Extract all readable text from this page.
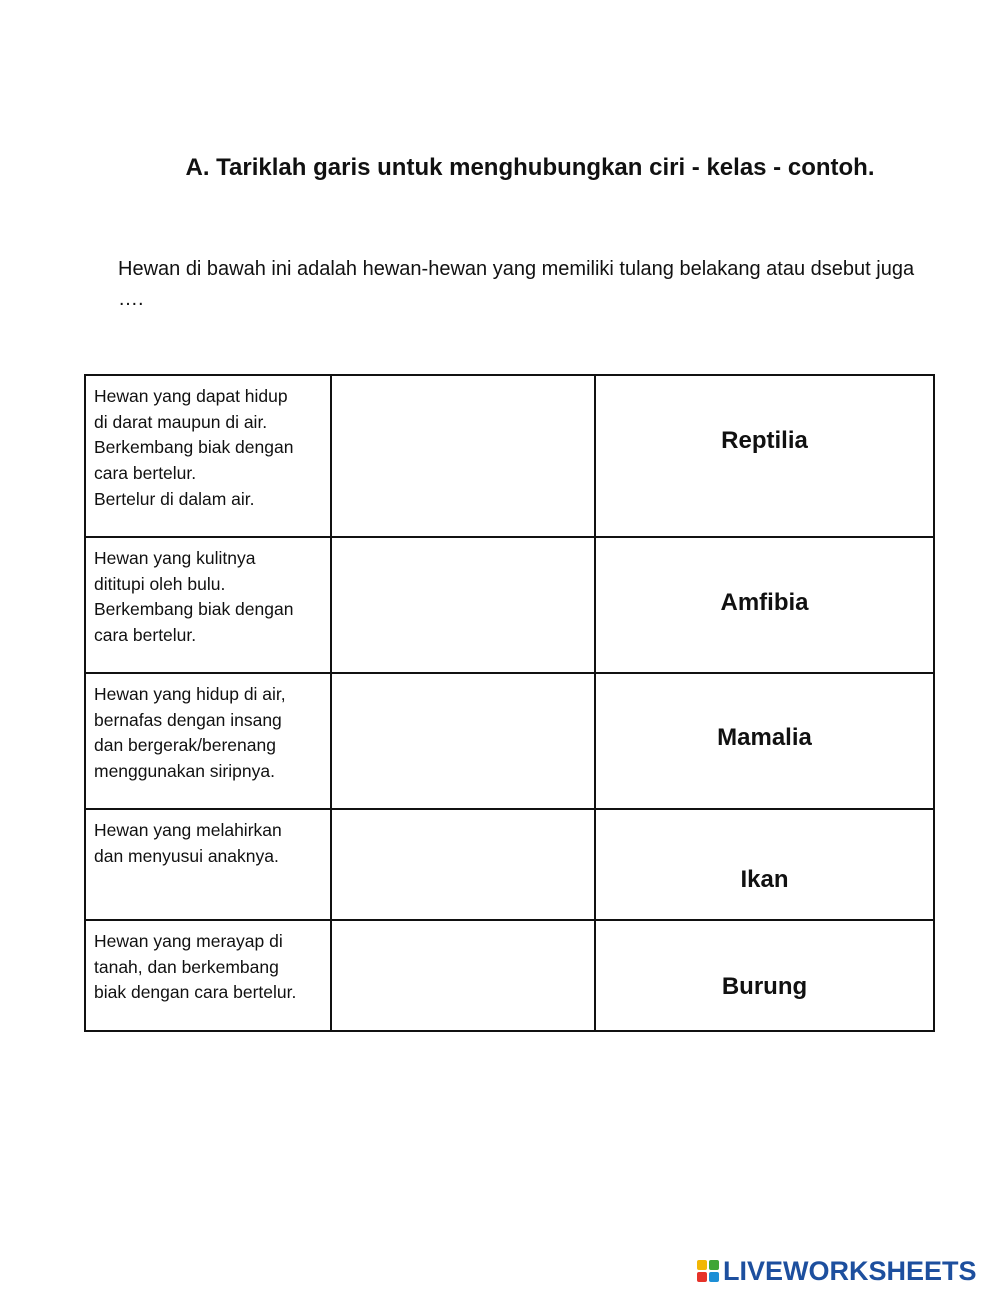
A. Tariklah garis untuk menghubungkan ciri - kelas - contoh.

Hewan di bawah ini adalah hewan-hewan yang memiliki tulang belakang atau dsebut juga ….

Hewan yang dapat hidup
di darat maupun di air.
Berkembang biak dengan
cara bertelur.
Bertelur di dalam air.		Reptilia
Hewan yang kulitnya
dititupi oleh bulu.
Berkembang biak dengan
cara bertelur.		Amfibia
Hewan yang hidup di air,
bernafas dengan insang
dan bergerak/berenang
menggunakan siripnya.		Mamalia
Hewan yang melahirkan
dan menyusui anaknya.		Ikan
Hewan yang merayap di
tanah, dan berkembang
biak dengan cara bertelur.		Burung
LIVEWORKSHEETS
